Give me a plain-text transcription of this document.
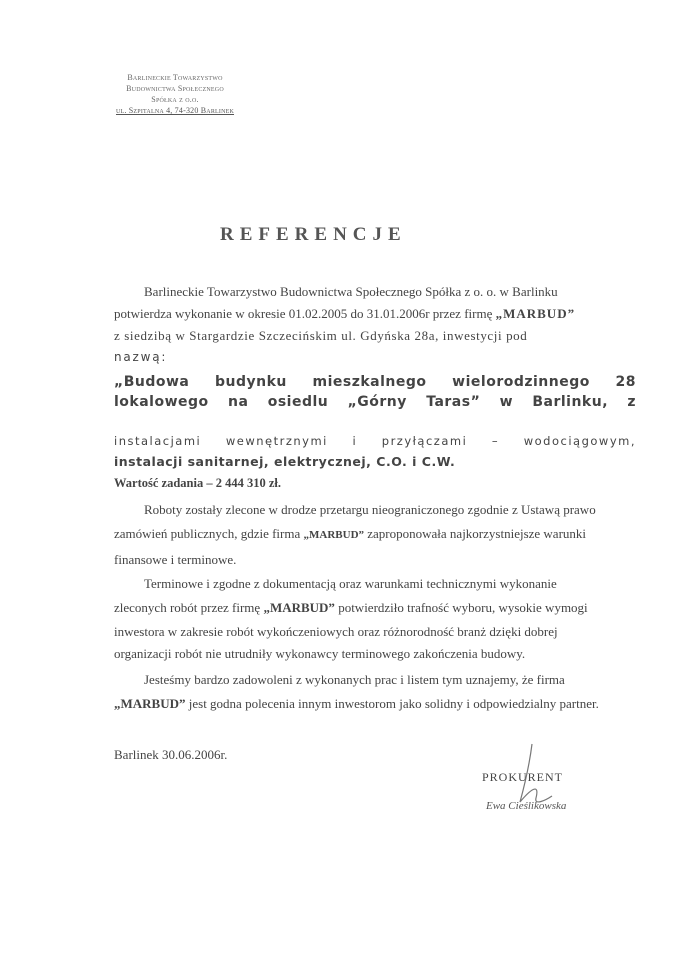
Barlineckie Towarzystwo
Budownictwa Społecznego
Spółka z o.o.
ul. Szpitalna 4, 74-320 Barlinek
REFERENCJE
Barlineckie Towarzystwo Budownictwa Społecznego Spółka z o. o. w Barlinku
potwierdza wykonanie w okresie 01.02.2005 do 31.01.2006r przez firmę „MARBUD”
z siedzibą w Stargardzie Szczecińskim ul. Gdyńska 28a, inwestycji pod
nazwą:
„Budowa budynku mieszkalnego wielorodzinnego 28
lokalowego na osiedlu „Górny Taras” w Barlinku, z
instalacjami wewnętrznymi i przyłączami – wodociągowym,
instalacji sanitarnej, elektrycznej, C.O. i C.W.
Wartość zadania – 2 444 310 zł.
Roboty zostały zlecone w drodze przetargu nieograniczonego zgodnie z Ustawą prawo
zamówień publicznych, gdzie firma „MARBUD” zaproponowała najkorzystniejsze warunki
finansowe i terminowe.
Terminowe i zgodne z dokumentacją oraz warunkami technicznymi wykonanie
zleconych robót przez firmę „MARBUD” potwierdziło trafność wyboru, wysokie wymogi
inwestora w zakresie robót wykończeniowych oraz różnorodność branż dzięki dobrej
organizacji robót nie utrudniły wykonawcy terminowego zakończenia budowy.
Jesteśmy bardzo zadowoleni z wykonanych prac i listem tym uznajemy, że firma
„MARBUD” jest godna polecenia innym inwestorom jako solidny i odpowiedzialny partner.
Barlinek 30.06.2006r.
PROKURENT
Ewa Cieślikowska
